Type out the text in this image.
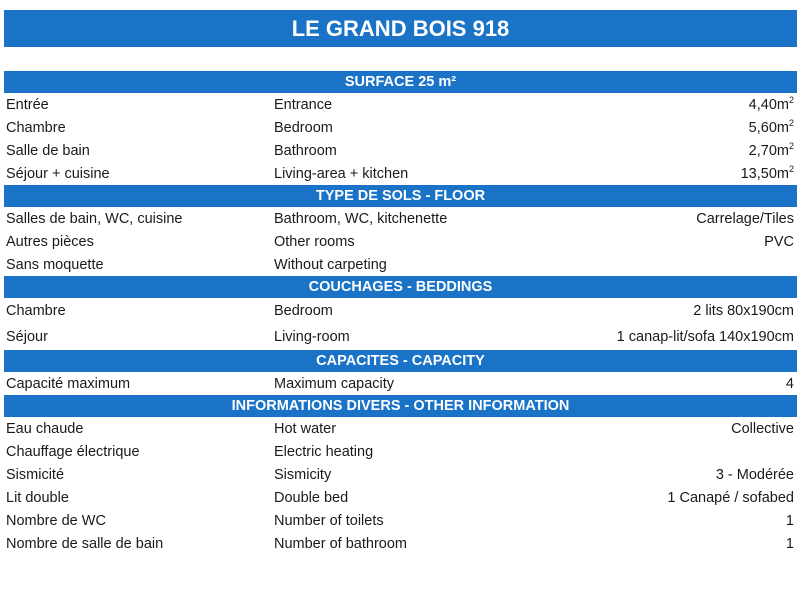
LE GRAND BOIS 918
SURFACE 25 m²
Entrée	Entrance	$4,40m^2$
Chambre	Bedroom	$5,60m^2$
Salle de bain	Bathroom	$2,70m^2$
Séjour + cuisine	Living-area + kitchen	$13,50m^2$
TYPE DE SOLS - FLOOR
Salles de bain, WC, cuisine	Bathroom, WC, kitchenette	Carrelage/Tiles
Autres pièces	Other rooms	PVC
Sans moquette	Without carpeting
COUCHAGES - BEDDINGS
Chambre	Bedroom	2 lits 80x190cm
Séjour	Living-room	1 canap-lit/sofa 140x190cm
CAPACITES - CAPACITY
Capacité maximum	Maximum capacity	4
INFORMATIONS DIVERS - OTHER INFORMATION
Eau chaude	Hot water	Collective
Chauffage électrique	Electric heating
Sismicité	Sismicity	3 - Modérée
Lit double	Double bed	1 Canapé / sofabed
Nombre de WC	Number of toilets	1
Nombre de salle de bain	Number of bathroom	1
